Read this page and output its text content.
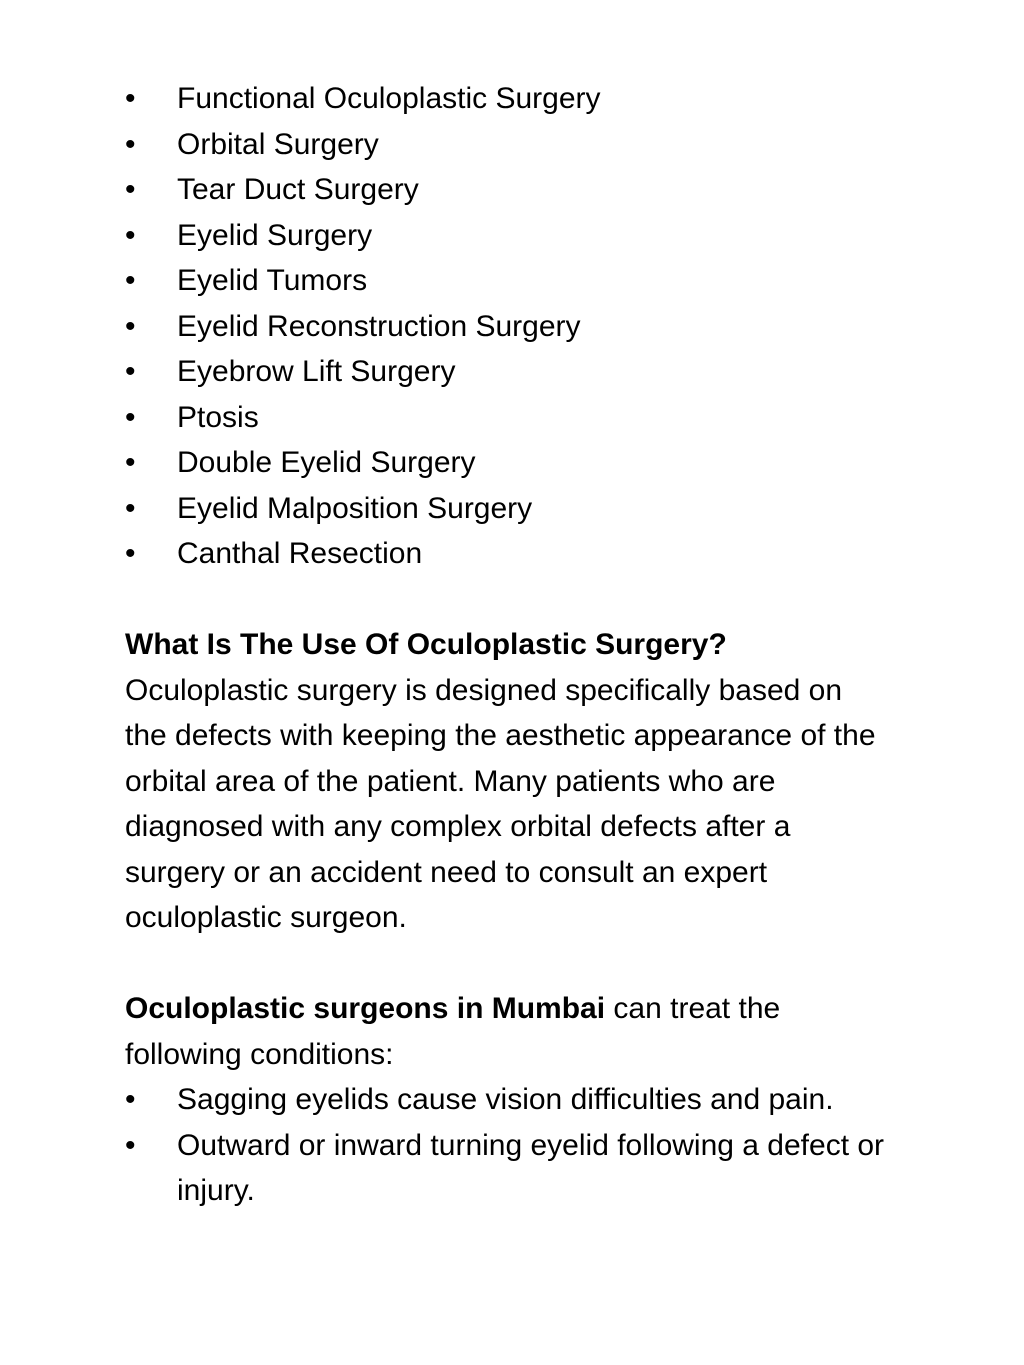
•	Functional Oculoplastic Surgery
•	Orbital Surgery
•	Tear Duct Surgery
•	Eyelid Surgery
•	Eyelid Tumors
•	Eyelid Reconstruction Surgery
•	Eyebrow Lift Surgery
•	Ptosis
•	Double Eyelid Surgery
•	Eyelid Malposition Surgery
•	Canthal Resection

What Is The Use Of Oculoplastic Surgery?

Oculoplastic surgery is designed specifically based on the defects with keeping the aesthetic appearance of the orbital area of the patient. Many patients who are diagnosed with any complex orbital defects after a surgery or an accident need to consult an expert oculoplastic surgeon.

Oculoplastic surgeons in Mumbai can treat the following conditions:

•	Sagging eyelids cause vision difficulties and pain.
•	Outward or inward turning eyelid following a defect or injury.
